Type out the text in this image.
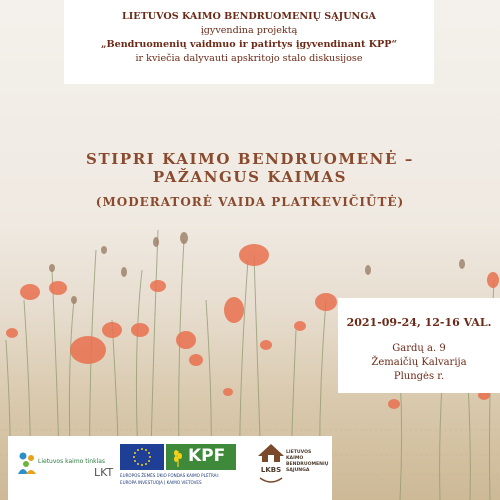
LIETUVOS KAIMO BENDRUOMENIŲ SĄJUNGA
įgyvendina projektą
„Bendruomenių vaidmuo ir patirtys įgyvendinant KPP“
ir kviečia dalyvauti apskritojo stalo diskusijose
STIPRI KAIMO BENDRUOMENĖ –
PAŽANGUS KAIMAS
(MODERATORĖ VAIDA PLATKEVIČIŪTĖ)
2021-09-24, 12-16 VAL.
Gardų a. 9
Žemaičių Kalvarija
Plungės r.
Lietuvos kaimo tinklas
LKT
KPF
EUROPOS ŽEMĖS ŪKIO FONDAS KAIMO PLĖTRAI:
EUROPA INVESTUOJA Į KAIMO VIETOVES
LKBS
LIETUVOS
KAIMO
BENDRUOMENIŲ
SĄJUNGA
